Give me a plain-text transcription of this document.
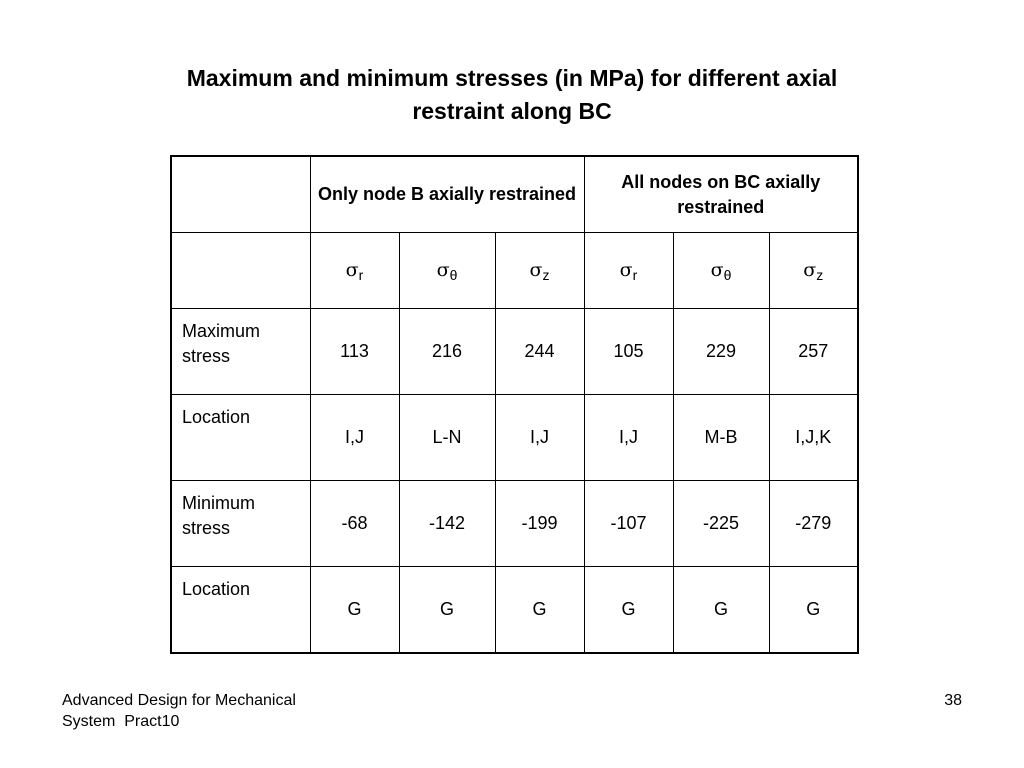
Maximum and minimum stresses (in MPa) for different axial
restraint along BC
	Only node B axially restrained			All nodes on BC axially restrained		
	$\sigma_r$	$\sigma_\theta$	$\sigma_z$	$\sigma_r$	$\sigma_\theta$	$\sigma_z$
Maximum stress	113	216	244	105	229	257
Location	I,J	L-N	I,J	I,J	M-B	I,J,K
Minimum stress	-68	-142	-199	-107	-225	-279
Location	G	G	G	G	G	G
Advanced Design for Mechanical
System  Pract10
38
